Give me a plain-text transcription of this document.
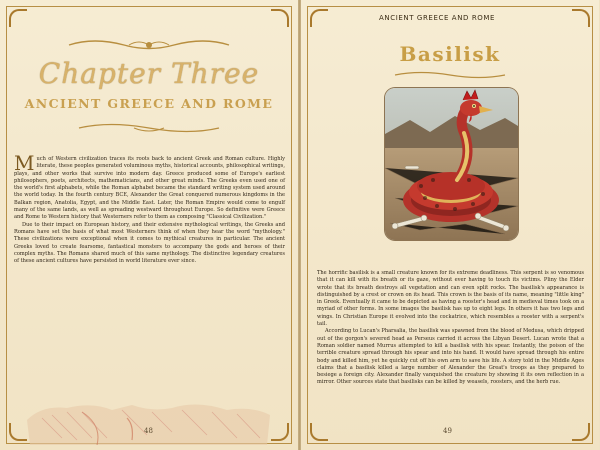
Chapter Three
ANCIENT GREECE AND ROME

Much of Western civilization traces its roots back to ancient Greek and Roman culture. Highly literate, these peoples generated voluminous myths, historical accounts, philosophical writings, plays, and other works that survive into modern day. Greece produced some of Europe's earliest philosophers, poets, architects, mathematicians, and other great minds. The Greeks even used one of the world's first alphabets, while the Roman alphabet became the standard writing system used around the world today. In the fourth century BCE, Alexander the Great conquered numerous kingdoms in the Balkan region, Anatolia, Egypt, and the Middle East. Later, the Roman Empire would come to engulf many of the same lands, as well as spreading westward throughout Europe. So definitive were Greece and Rome to Western history that Westerners refer to them as composing "Classical Civilization."

Due to their impact on European history, and their extensive mythological writings, the Greeks and Romans have set the basis of what most Westerners think of when they hear the word "mythology." These civilizations were exceptional when it comes to mythical creatures in particular. The ancient Greeks loved to create fearsome, fantastical monsters to accompany the gods and heroes of their complex myths. The Romans shared much of this same mythology. The distinctive legendary creatures of these ancient cultures have persisted in world literature ever since.

48
ANCIENT GREECE AND ROME
Basilisk

The horrific basilisk is a small creature known for its extreme deadliness. This serpent is so venomous that it can kill with its breath or its gaze, without ever having to touch its victims. Pliny the Elder wrote that its breath destroys all vegetation and can even split rocks. The basilisk's appearance is distinguished by a crest or crown on its head. This crown is the basis of its name, meaning "little king" in Greek. Eventually it came to be depicted as having a rooster's head and in medieval times took on a myriad of other forms. In some images the basilisk has up to eight legs. In others it has two legs and wings. In Christian Europe it evolved into the cockatrice, which resembles a rooster with a serpent's tail.

According to Lucan's Pharsalia, the basilisk was spawned from the blood of Medusa, which dripped out of the gorgon's severed head as Perseus carried it across the Libyan Desert. Lucan wrote that a Roman soldier named Murrus attempted to kill a basilisk with his spear. Instantly, the poison of the terrible creature spread through his spear and into his hand. It would have spread through his entire body and killed him, yet he quickly cut off his own arm to save his life. A story told in the Middle Ages claims that a basilisk killed a large number of Alexander the Great's troops as they prepared to besiege a foreign city. Alexander finally vanquished the creature by showing it its own reflection in a mirror. Other sources state that basilisks can be killed by weasels, roosters, and the herb rue.

49
